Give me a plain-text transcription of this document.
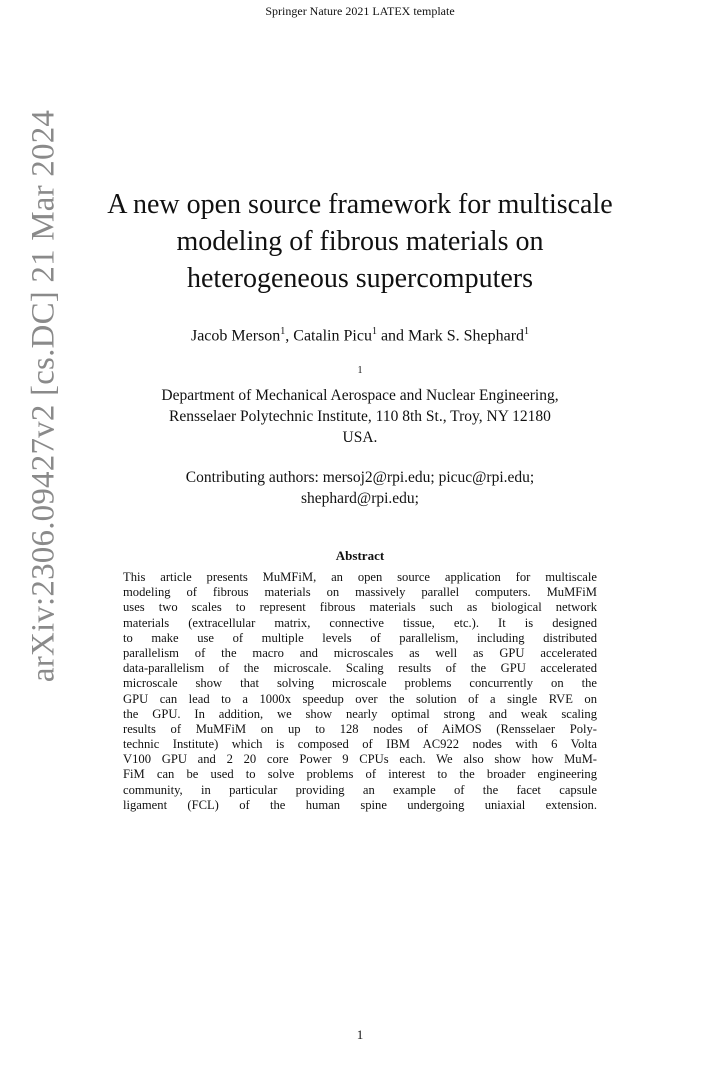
Springer Nature 2021 LATEX template
arXiv:2306.09427v2 [cs.DC] 21 Mar 2024	A new open source framework for multiscale
modeling of fibrous materials on
heterogeneous supercomputers
Jacob Merson$^1$, Catalin Picu$^1$ and Mark S. Shephard$^1$
$^1$
Department of Mechanical Aerospace and Nuclear Engineering,
Rensselaer Polytechnic Institute, 110 8th St., Troy, NY 12180
USA.
Contributing authors: mersoj2@rpi.edu; picuc@rpi.edu;
shephard@rpi.edu;
Abstract
This article presents MuMFiM, an open source application for multiscale
modeling of fibrous materials on massively parallel computers. MuMFiM
uses two scales to represent fibrous materials such as biological network
materials (extracellular matrix, connective tissue, etc.). It is designed
to make use of multiple levels of parallelism, including distributed
parallelism of the macro and microscales as well as GPU accelerated
data-parallelism of the microscale. Scaling results of the GPU accelerated
microscale show that solving microscale problems concurrently on the
GPU can lead to a 1000x speedup over the solution of a single RVE on
the GPU. In addition, we show nearly optimal strong and weak scaling
results of MuMFiM on up to 128 nodes of AiMOS (Rensselaer Poly-
technic Institute) which is composed of IBM AC922 nodes with 6 Volta
V100 GPU and 2 20 core Power 9 CPUs each. We also show how MuM-
FiM can be used to solve problems of interest to the broader engineering
community, in particular providing an example of the facet capsule
ligament (FCL) of the human spine undergoing uniaxial extension.
1
